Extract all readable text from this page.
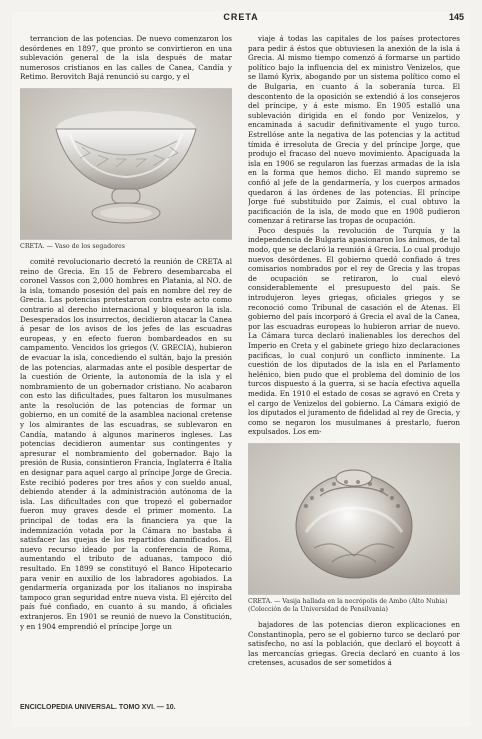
CRETA	145

terrancion de las potencias. De nuevo comenzaron los desórdenes en 1897, que pronto se convirtieron en una sublevación general de la isla después de matar numerosos cristianos en las calles de Canea, Candía y Retimo. Berovitch Bajá renunció su cargo, y el

CRETA. — Vaso de los segadores

comité revolucionario decretó la reunión de CRETA al reino de Grecia. En 15 de Febrero desembarcaba el coronel Vassos con 2,000 hombres en Platania, al NO. de la isla, tomando posesión del país en nombre del rey de Grecia. Las potencias protestaron contra este acto como contrario al derecho internacional y bloquearon la isla. Desesperados los insurrectos, decidieron atacar la Canea á pesar de los avisos de los jefes de las escuadras europeas, y en efecto fueron bombardeados en su campamento. Vencidos los griegos (V. GRECIA), hubieron de evacuar la isla, concediendo el sultán, bajo la presión de las potencias, alarmadas ante el posible despertar de la cuestión de Oriente, la autonomía de la isla y el nombramiento de un gobernador cristiano. No acabaron con esto las dificultades, pues faltaron los musulmanes ante la resolución de las potencias de formar un gobierno, en un comité de la asamblea nacional cretense y los almirantes de las escuadras, se sublevaron en Candía, matando á algunos marineros ingleses. Las potencias decidieron aumentar sus contingentes y apresurar el nombramiento del gobernador. Bajo la presión de Rusia, consintieron Francia, Inglaterra é Italia en designar para aquel cargo al príncipe Jorge de Grecia. Este recibió poderes por tres años y con sueldo anual, debiendo atender á la administración autónoma de la isla. Las dificultades con que tropezó el gobernador fueron muy graves desde el primer momento. La principal de todas era la financiera ya que la indemnización votada por la Cámara no bastaba á satisfacer las quejas de los repartidos damnificados. El nuevo recurso ideado por la conferencia de Roma, aumentando el tributo de aduanas, tampoco dió resultado. En 1899 se constituyó el Banco Hipotecario para venir en auxilio de los labradores agobiados. La gendarmería organizada por los italianos no inspiraba tampoco gran seguridad entre nueva vista. El ejército del país fué confiado, en cuanto á su mando, á oficiales extranjeros. En 1901 se reunió de nuevo la Constitución, y en 1904 emprendió el príncipe Jorge un

viaje á todas las capitales de los países protectores para pedir á éstos que obtuviesen la anexión de la isla á Grecia. Al mismo tiempo comenzó á formarse un partido político bajo la influencia del ex ministro Venizelos, que se llamó Kyrix, abogando por un sistema político como el de Bulgaria, en cuanto á la soberanía turca. El descontento de la oposición se extendió á los consejeros del príncipe, y á este mismo. En 1905 estalló una sublevación dirigida en el fondo por Venizelos, y encaminada á sacudir definitivamente el yugo turco. Estrellóse ante la negativa de las potencias y la actitud tímida é irresoluta de Grecia y del príncipe Jorge, que produjo el fracaso del nuevo movimiento. Apaciguada la isla en 1906 se regularon las fuerzas armadas de la isla en la forma que hemos dicho. El mando supremo se confió al jefe de la gendarmería, y los cuerpos armados quedaron á las órdenes de las potencias. El príncipe Jorge fué substituido por Zaimis, el cual obtuvo la pacificación de la isla, de modo que en 1908 pudieron comenzar á retirarse las tropas de ocupación.

Poco después la revolución de Turquía y la independencia de Bulgaria apasionaron los ánimos, de tal modo, que se declaró la reunión á Grecia. Lo cual produjo nuevos desórdenes. El gobierno quedó confiado á tres comisarios nombrados por el rey de Grecia y las tropas de ocupación se retiraron, lo cual elevó considerablemente el presupuesto del país. Se introdujeron leyes griegas, oficiales griegos y se reconoció como Tribunal de casación el de Atenas. El gobierno del país incorporó á Grecia el aval de la Canea, por las escuadras europeas lo hubieron arriar de nuevo. La Cámara turca declaró inalienables los derechos del Imperio en Creta y el gabinete griego hizo declaraciones pacificas, lo cual conjuró un conflicto inminente. La cuestión de los diputados de la isla en el Parlamento helénico, bien pudo que el problema del dominio de los turcos dispuesto á la guerra, si se hacía efectiva aquella medida. En 1910 el estado de cosas se agravó en Creta y el cargo de Venizelos del gobierno. La Cámara exigió de los diputados el juramento de fidelidad al rey de Grecia, y como se negaron los musulmanes á prestarlo, fueron expulsados. Los em-

CRETA. — Vasija hallada en la necrópolis de Ambo (Alto Nubia) (Colección de la Universidad de Pensilvania)

bajadores de las potencias dieron explicaciones en Constantinopla, pero se el gobierno turco se declaró por satisfecho, no así la población, que declaró el boycott á las mercancías griegas. Grecia declaró en cuanto á los cretenses, acusados de ser sometidos á

ENCICLOPEDIA UNIVERSAL. TOMO XVI. — 10.
